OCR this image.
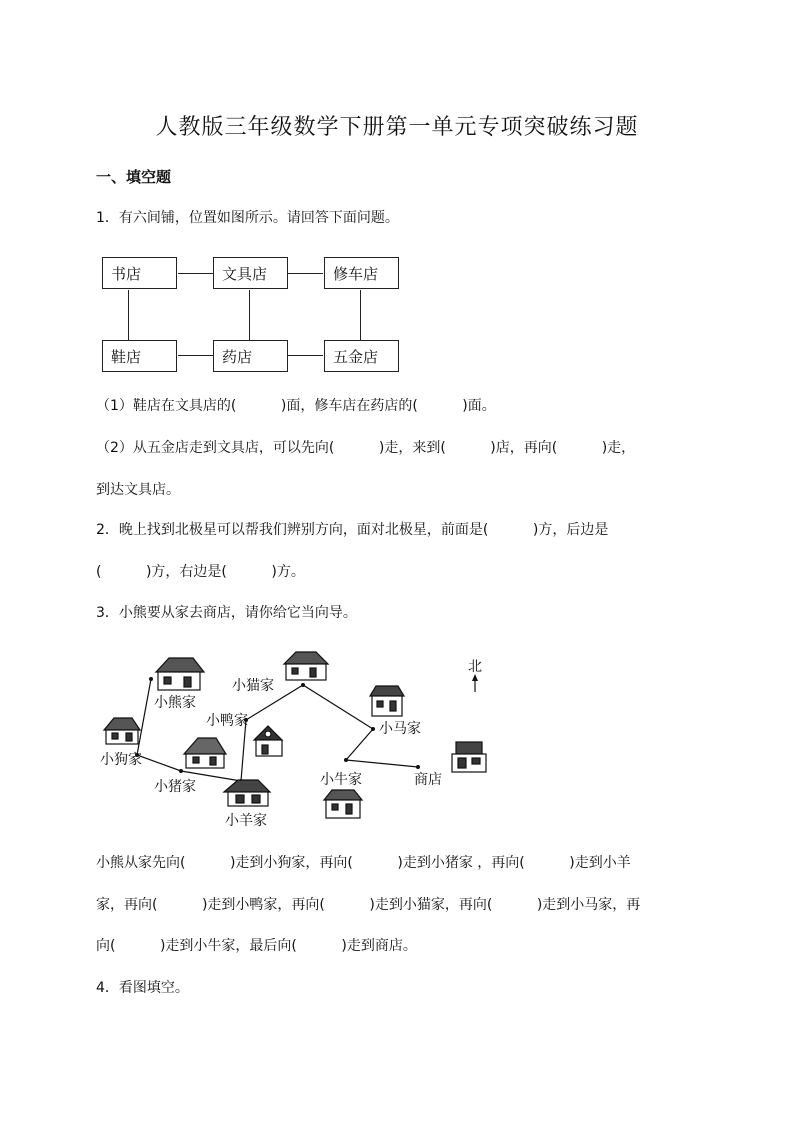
人教版三年级数学下册第一单元专项突破练习题
一、填空题
1．有六间铺，位置如图所示。请回答下面问题。
书店	文具店	修车店
鞋店	药店	五金店
（1）鞋店在文具店的(          )面，修车店在药店的(          )面。
（2）从五金店走到文具店，可以先向(          )走，来到(          )店，再向(          )走，
到达文具店。
2．晚上找到北极星可以帮我们辨别方向，面对北极星，前面是(          )方，后边是
(          )方，右边是(          )方。
3．小熊要从家去商店，请你给它当向导。
北
小熊家
小猫家
小鸭家	小马家
小狗家
小猪家	小牛家	商店
小羊家
小熊从家先向(          )走到小狗家，再向(          )走到小猪家 ，再向(          )走到小羊
家，再向(          )走到小鸭家，再向(          )走到小猫家，再向(          )走到小马家，再
向(          )走到小牛家，最后向(          )走到商店。
4．看图填空。
